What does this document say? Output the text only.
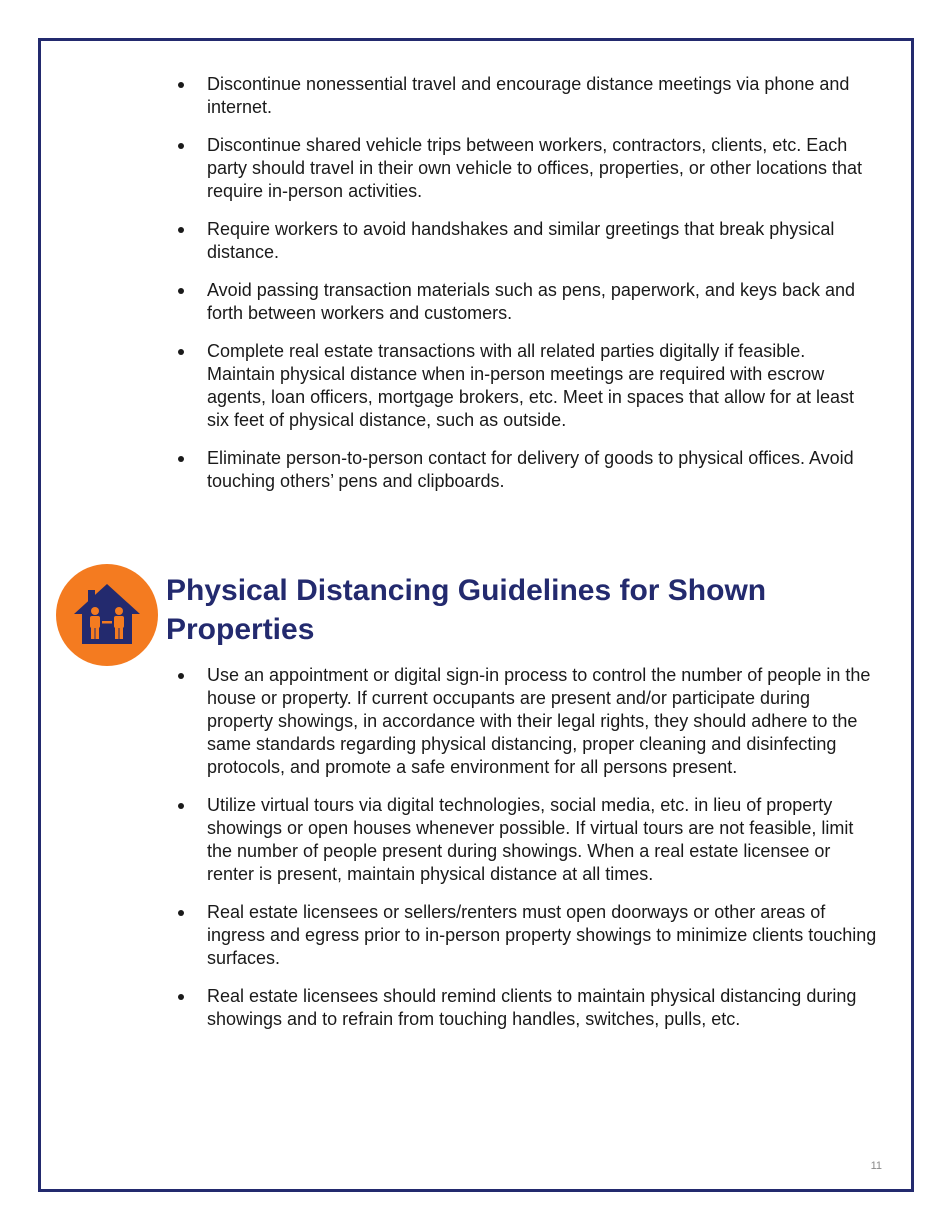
Discontinue nonessential travel and encourage distance meetings via phone and internet.
Discontinue shared vehicle trips between workers, contractors, clients, etc. Each party should travel in their own vehicle to offices, properties, or other locations that require in-person activities.
Require workers to avoid handshakes and similar greetings that break physical distance.
Avoid passing transaction materials such as pens, paperwork, and keys back and forth between workers and customers.
Complete real estate transactions with all related parties digitally if feasible. Maintain physical distance when in-person meetings are required with escrow agents, loan officers, mortgage brokers, etc. Meet in spaces that allow for at least six feet of physical distance, such as outside.
Eliminate person-to-person contact for delivery of goods to physical offices. Avoid touching others’ pens and clipboards.
Physical Distancing Guidelines for Shown Properties
Use an appointment or digital sign-in process to control the number of people in the house or property. If current occupants are present and/or participate during property showings, in accordance with their legal rights, they should adhere to the same standards regarding physical distancing, proper cleaning and disinfecting protocols, and promote a safe environment for all persons present.
Utilize virtual tours via digital technologies, social media, etc. in lieu of property showings or open houses whenever possible. If virtual tours are not feasible, limit the number of people present during showings. When a real estate licensee or renter is present, maintain physical distance at all times.
Real estate licensees or sellers/renters must open doorways or other areas of ingress and egress prior to in-person property showings to minimize clients touching surfaces.
Real estate licensees should remind clients to maintain physical distancing during showings and to refrain from touching handles, switches, pulls, etc.
11
